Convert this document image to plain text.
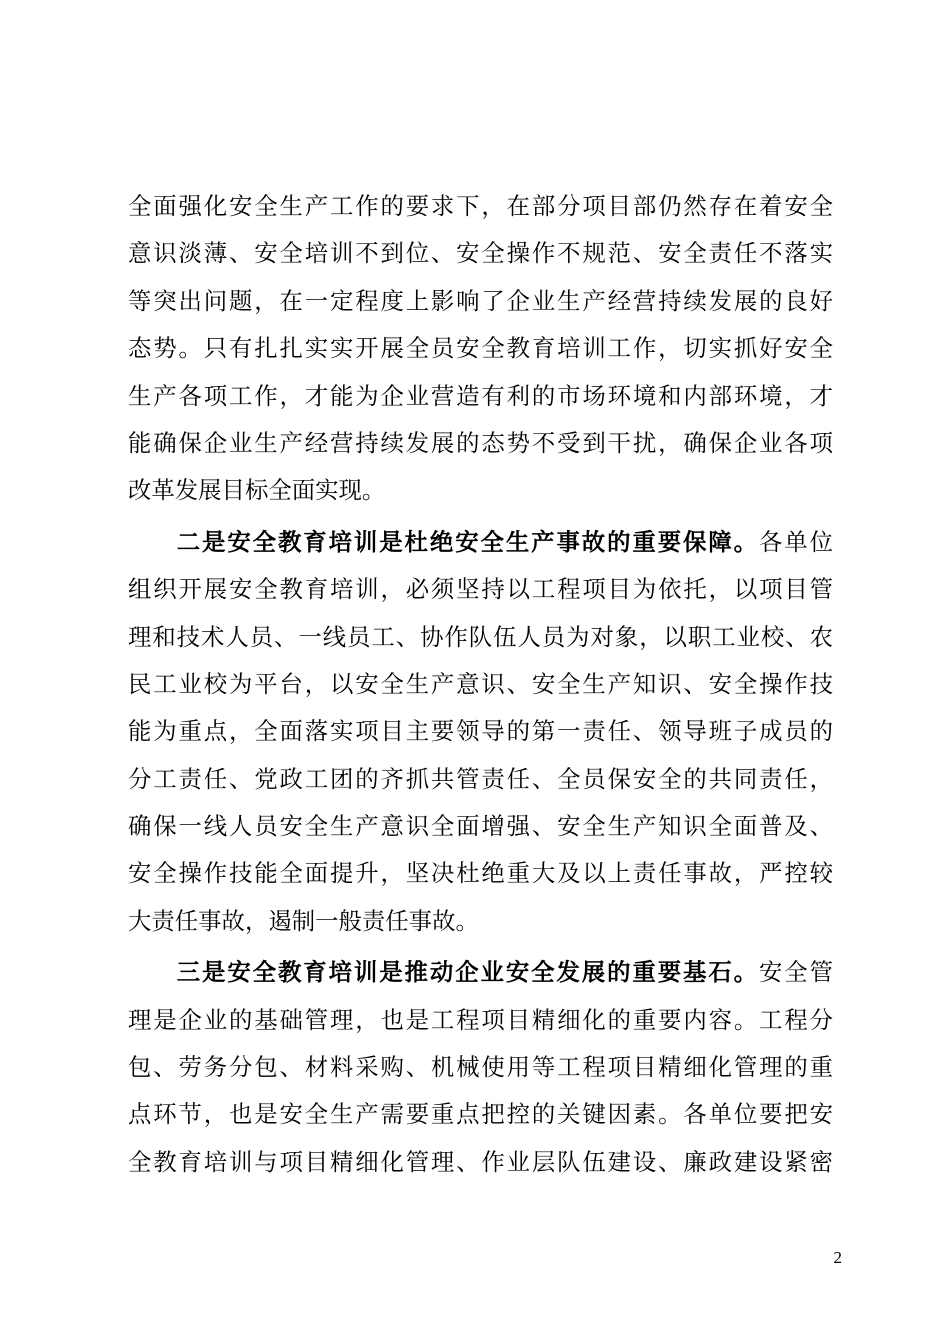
全面强化安全生产工作的要求下，在部分项目部仍然存在着安全
意识淡薄、安全培训不到位、安全操作不规范、安全责任不落实
等突出问题，在一定程度上影响了企业生产经营持续发展的良好
态势。只有扎扎实实开展全员安全教育培训工作，切实抓好安全
生产各项工作，才能为企业营造有利的市场环境和内部环境，才
能确保企业生产经营持续发展的态势不受到干扰，确保企业各项
改革发展目标全面实现。
二是安全教育培训是杜绝安全生产事故的重要保障。各单位
组织开展安全教育培训，必须坚持以工程项目为依托，以项目管
理和技术人员、一线员工、协作队伍人员为对象，以职工业校、农
民工业校为平台，以安全生产意识、安全生产知识、安全操作技
能为重点，全面落实项目主要领导的第一责任、领导班子成员的
分工责任、党政工团的齐抓共管责任、全员保安全的共同责任，
确保一线人员安全生产意识全面增强、安全生产知识全面普及、
安全操作技能全面提升，坚决杜绝重大及以上责任事故，严控较
大责任事故，遏制一般责任事故。
三是安全教育培训是推动企业安全发展的重要基石。安全管
理是企业的基础管理，也是工程项目精细化的重要内容。工程分
包、劳务分包、材料采购、机械使用等工程项目精细化管理的重
点环节，也是安全生产需要重点把控的关键因素。各单位要把安
全教育培训与项目精细化管理、作业层队伍建设、廉政建设紧密
2
